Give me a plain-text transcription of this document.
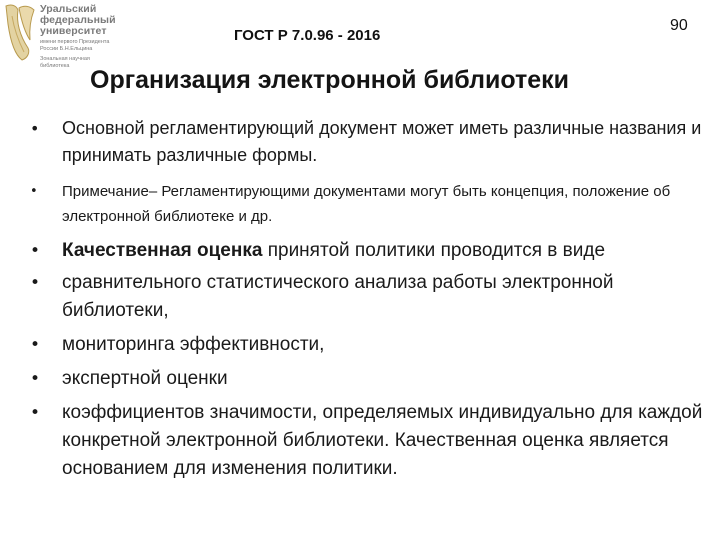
Уральский
федеральный
университет
имени первого Президента
России Б.Н.Ельцина
Зональная научная
библиотека
ГОСТ Р 7.0.96 - 2016
90
Организация электронной библиотеки
• Основной регламентирующий документ может иметь различные названия и принимать различные формы.
• Примечание– Регламентирующими документами могут быть концепция, положение об электронной библиотеке и др.
• Качественная оценка принятой политики проводится в виде
• сравнительного статистического анализа работы электронной библиотеки,
• мониторинга эффективности,
• экспертной оценки
• коэффициентов значимости, определяемых индивидуально для каждой конкретной электронной библиотеки. Качественная оценка является основанием для изменения политики.
